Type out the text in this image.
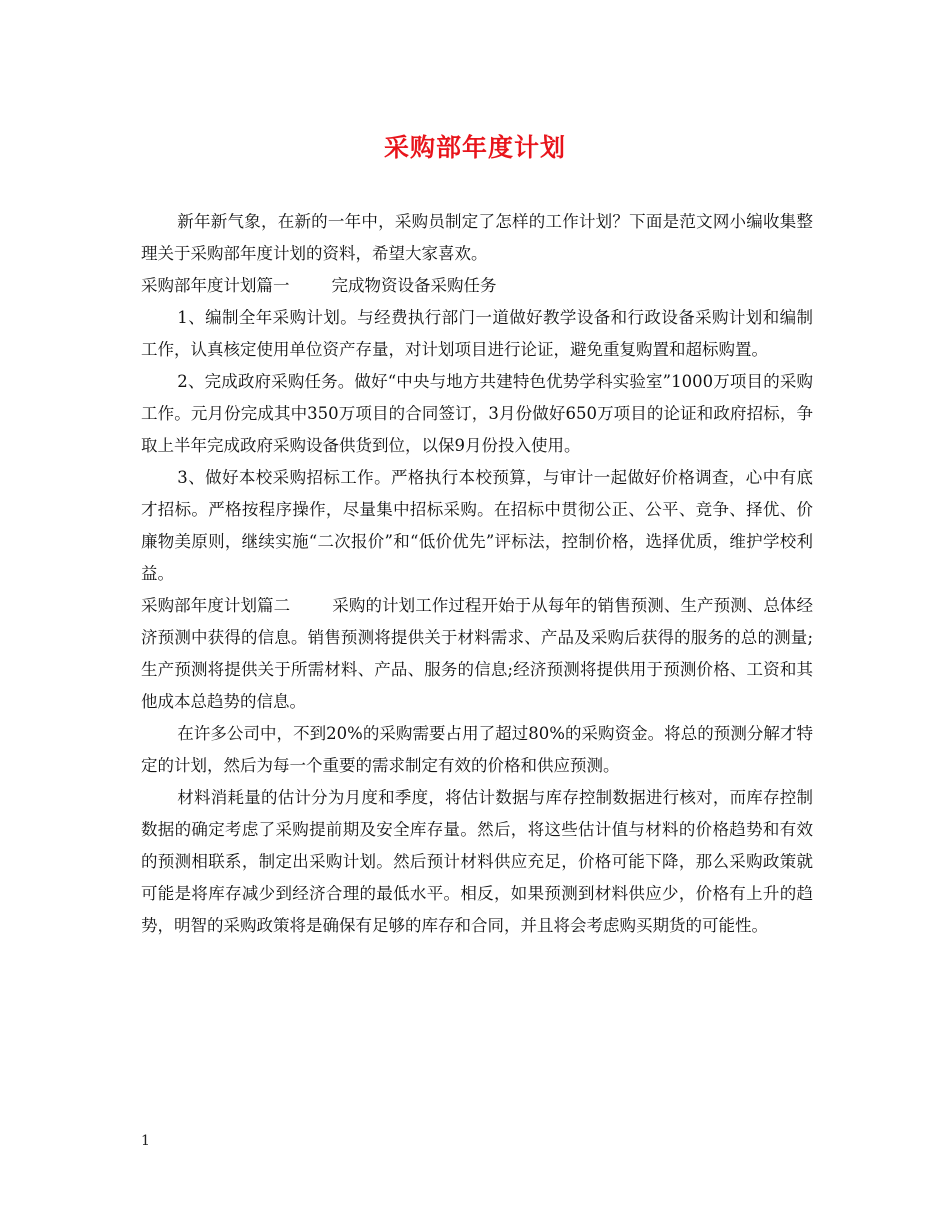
采购部年度计划

新年新气象，在新的一年中，采购员制定了怎样的工作计划？下面是范文网小编收集整理关于采购部年度计划的资料，希望大家喜欢。

采购部年度计划篇一	完成物资设备采购任务

1、编制全年采购计划。与经费执行部门一道做好教学设备和行政设备采购计划和编制工作，认真核定使用单位资产存量，对计划项目进行论证，避免重复购置和超标购置。

2、完成政府采购任务。做好“中央与地方共建特色优势学科实验室”1000万项目的采购工作。元月份完成其中350万项目的合同签订，3月份做好650万项目的论证和政府招标，争取上半年完成政府采购设备供货到位，以保9月份投入使用。

3、做好本校采购招标工作。严格执行本校预算，与审计一起做好价格调查，心中有底才招标。严格按程序操作，尽量集中招标采购。在招标中贯彻公正、公平、竞争、择优、价廉物美原则，继续实施“二次报价”和“低价优先”评标法，控制价格，选择优质，维护学校利益。

采购部年度计划篇二	采购的计划工作过程开始于从每年的销售预测、生产预测、总体经济预测中获得的信息。销售预测将提供关于材料需求、产品及采购后获得的服务的总的测量;生产预测将提供关于所需材料、产品、服务的信息;经济预测将提供用于预测价格、工资和其他成本总趋势的信息。

在许多公司中，不到20%的采购需要占用了超过80%的采购资金。将总的预测分解才特定的计划，然后为每一个重要的需求制定有效的价格和供应预测。

材料消耗量的估计分为月度和季度，将估计数据与库存控制数据进行核对，而库存控制数据的确定考虑了采购提前期及安全库存量。然后，将这些估计值与材料的价格趋势和有效的预测相联系，制定出采购计划。然后预计材料供应充足，价格可能下降，那么采购政策就可能是将库存减少到经济合理的最低水平。相反，如果预测到材料供应少，价格有上升的趋势，明智的采购政策将是确保有足够的库存和合同，并且将会考虑购买期货的可能性。

1
